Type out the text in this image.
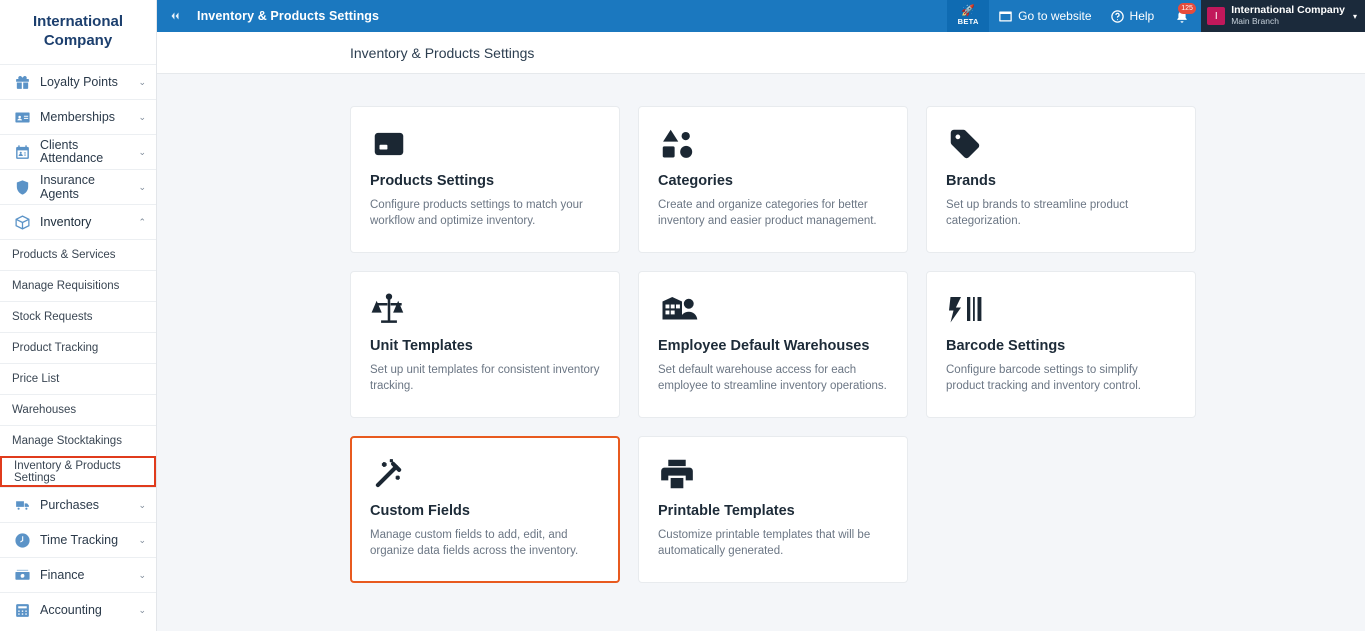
International
Company
Loyalty Points	⌄
Memberships	⌄
Clients Attendance	⌄
Insurance Agents
⌄
Inventory	⌃
Products & Services
Manage Requisitions
Stock Requests
Product Tracking
Price List
Warehouses
Manage Stocktakings
Inventory & Products Settings
Purchases	⌄
Time Tracking	⌄
Finance	⌄
Accounting	⌄
Inventory & Products Settings	🚀
BETA	Go to website	Help
125
I	International Company
Main Branch	▾
Inventory & Products Settings
Products Settings
Configure products settings to match your workflow and optimize inventory.
Categories
Create and organize categories for better inventory and easier product management.
Brands
Set up brands to streamline product categorization.
Unit Templates
Set up unit templates for consistent inventory tracking.
Employee Default Warehouses
Set default warehouse access for each employee to streamline inventory operations.
Barcode Settings
Configure barcode settings to simplify product tracking and inventory control.
Custom Fields
Manage custom fields to add, edit, and organize data fields across the inventory.
Printable Templates
Customize printable templates that will be automatically generated.
